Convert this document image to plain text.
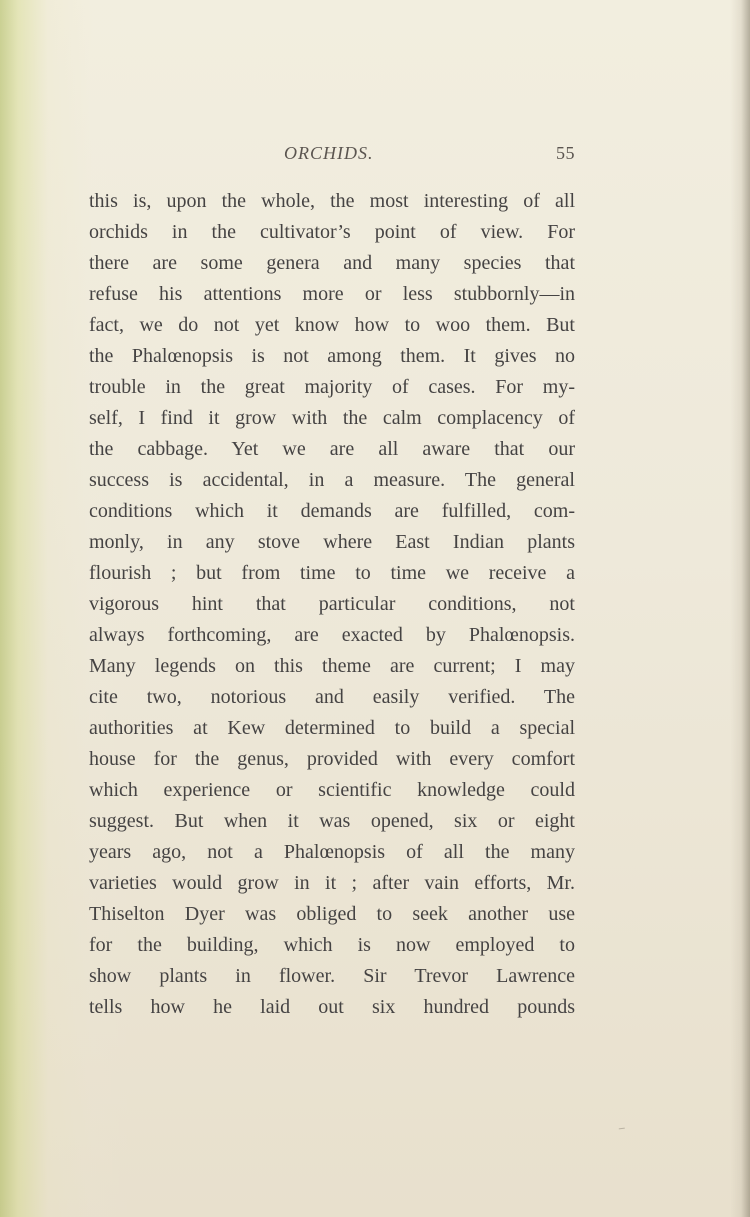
ORCHIDS.	55
this is, upon the whole, the most interesting of all
orchids in the cultivator’s point of view. For
there are some genera and many species that
refuse his attentions more or less stubbornly—in
fact, we do not yet know how to woo them. But
the Phalœnopsis is not among them. It gives no
trouble in the great majority of cases. For my-
self, I find it grow with the calm complacency of
the cabbage. Yet we are all aware that our
success is accidental, in a measure. The general
conditions which it demands are fulfilled, com-
monly, in any stove where East Indian plants
flourish ; but from time to time we receive a
vigorous hint that particular conditions, not
always forthcoming, are exacted by Phalœnopsis.
Many legends on this theme are current; I may
cite two, notorious and easily verified. The
authorities at Kew determined to build a special
house for the genus, provided with every comfort
which experience or scientific knowledge could
suggest. But when it was opened, six or eight
years ago, not a Phalœnopsis of all the many
varieties would grow in it ; after vain efforts, Mr.
Thiselton Dyer was obliged to seek another use
for the building, which is now employed to
show plants in flower. Sir Trevor Lawrence
tells how he laid out six hundred pounds
